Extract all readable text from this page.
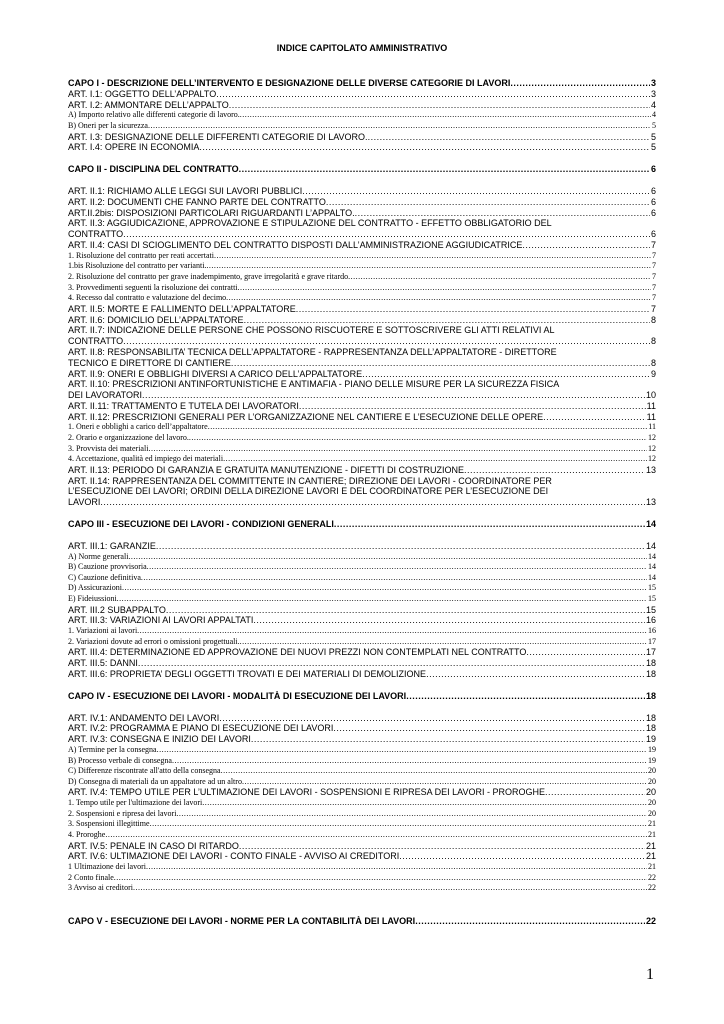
INDICE CAPITOLATO AMMINISTRATIVO
CAPO I - DESCRIZIONE DELL’INTERVENTO E DESIGNAZIONE DELLE DIVERSE CATEGORIE DI LAVORI .....	3
ART. I.1: OGGETTO DELL’APPALTO .....	3
ART. I.2: AMMONTARE DELL’APPALTO .....	4
A) Importo relativo alle differenti categorie di lavoro. .....	4
B) Oneri per la sicurezza .....	5
ART. I.3: DESIGNAZIONE DELLE DIFFERENTI CATEGORIE DI LAVORO. .....	5
ART. I.4: OPERE IN ECONOMIA .....	5
CAPO II - DISCIPLINA DEL CONTRATTO .....	6
ART. II.1: RICHIAMO ALLE LEGGI SUI LAVORI PUBBLICI .....	6
ART. II.2: DOCUMENTI CHE FANNO PARTE DEL CONTRATTO .....	6
ART.II.2bis: DISPOSIZIONI PARTICOLARI RIGUARDANTI L’APPALTO. .....	6
ART. II.3: AGGIUDICAZIONE, APPROVAZIONE E STIPULAZIONE DEL CONTRATTO - EFFETTO OBBLIGATORIO DEL
CONTRATTO .....	6
ART. II.4: CASI DI SCIOGLIMENTO DEL CONTRATTO DISPOSTI DALL’AMMINISTRAZIONE AGGIUDICATRICE .....	7
1. Risoluzione del contratto per reati accertati .....	7
1.bis Risoluzione del contratto per varianti. .....	7
2. Risoluzione del contratto per grave inadempimento, grave irregolarità e grave ritardo .....	7
3. Provvedimenti seguenti la risoluzione dei contratti .....	7
4. Recesso dal contratto e valutazione del decimo .....	7
ART. II.5: MORTE E FALLIMENTO DELL’APPALTATORE .....	7
ART. II.6: DOMICILIO DELL’APPALTATORE .....	8
ART. II.7: INDICAZIONE DELLE PERSONE CHE POSSONO RISCUOTERE E SOTTOSCRIVERE GLI ATTI RELATIVI AL
CONTRATTO .....	8
ART. II.8: RESPONSABILITA’ TECNICA DELL’APPALTATORE - RAPPRESENTANZA DELL’APPALTATORE - DIRETTORE
TECNICO E DIRETTORE DI CANTIERE .....	8
ART. II.9: ONERI E OBBLIGHI DIVERSI A CARICO DELL’APPALTATORE .....	9
ART. II.10: PRESCRIZIONI ANTINFORTUNISTICHE E ANTIMAFIA - PIANO DELLE MISURE PER LA SICUREZZA FISICA
DEI LAVORATORI .....	10
ART. II.11: TRATTAMENTO E TUTELA DEI LAVORATORI .....	11
ART. II.12: PRESCRIZIONI GENERALI PER L’ORGANIZZAZIONE NEL CANTIERE E L’ESECUZIONE DELLE OPERE .....	11
1. Oneri e obblighi a carico dell’appaltatore .....	11
2. Orario e organizzazione del lavoro. .....	12
3. Provvista dei materiali .....	12
4. Accettazione, qualità ed impiego dei materiali .....	12
ART. II.13: PERIODO DI GARANZIA E GRATUITA MANUTENZIONE - DIFETTI DI COSTRUZIONE .....	13
ART. II.14: RAPPRESENTANZA DEL COMMITTENTE IN CANTIERE; DIREZIONE DEI LAVORI - COORDINATORE PER
L’ESECUZIONE DEI LAVORI; ORDINI DELLA DIREZIONE LAVORI E DEL COORDINATORE PER L’ESECUZIONE DEI
LAVORI .....	13
CAPO III - ESECUZIONE DEI LAVORI - CONDIZIONI GENERALI .....	14
ART. III.1: GARANZIE .....	14
A) Norme generali .....	14
B) Cauzione provvisoria .....	14
C) Cauzione definitiva .....	14
D) Assicurazioni .....	15
E) Fideiussioni .....	15
ART. III.2 SUBAPPALTO .....	15
ART. III.3: VARIAZIONI AI LAVORI APPALTATI .....	16
1. Variazioni ai lavori .....	16
2. Variazioni dovute ad errori o omissioni progettuali. .....	17
ART. III.4: DETERMINAZIONE ED APPROVAZIONE DEI NUOVI PREZZI NON CONTEMPLATI NEL CONTRATTO .....	17
ART. III.5: DANNI .....	18
ART. III.6: PROPRIETA’ DEGLI OGGETTI TROVATI E DEI MATERIALI DI DEMOLIZIONE .....	18
CAPO IV - ESECUZIONE DEI LAVORI - MODALITÀ DI ESECUZIONE DEI LAVORI .....	18
ART. IV.1: ANDAMENTO DEI LAVORI .....	18
ART. IV.2: PROGRAMMA E PIANO DI ESECUZIONE DEI LAVORI .....	18
ART. IV.3: CONSEGNA E INIZIO DEI LAVORI .....	19
A) Termine per la consegna .....	19
B) Processo verbale di consegna .....	19
C) Differenze riscontrate all'atto della consegna .....	20
D) Consegna di materiali da un appaltatore ad un altro .....	20
ART. IV.4: TEMPO UTILE PER L’ULTIMAZIONE DEI LAVORI - SOSPENSIONI E RIPRESA DEI LAVORI - PROROGHE .....	20
1. Tempo utile per l'ultimazione dei lavori .....	20
2. Sospensioni e ripresa dei lavori .....	20
3. Sospensioni illegittime .....	21
4. Proroghe .....	21
ART. IV.5: PENALE IN CASO DI RITARDO .....	21
ART. IV.6: ULTIMAZIONE DEI LAVORI - CONTO FINALE - AVVISO AI CREDITORI .....	21
1 Ultimazione dei lavori .....	21
2 Conto finale .....	22
3 Avviso ai creditori .....	22
CAPO V - ESECUZIONE DEI LAVORI - NORME PER LA CONTABILITÀ DEI LAVORI .....	22
1
